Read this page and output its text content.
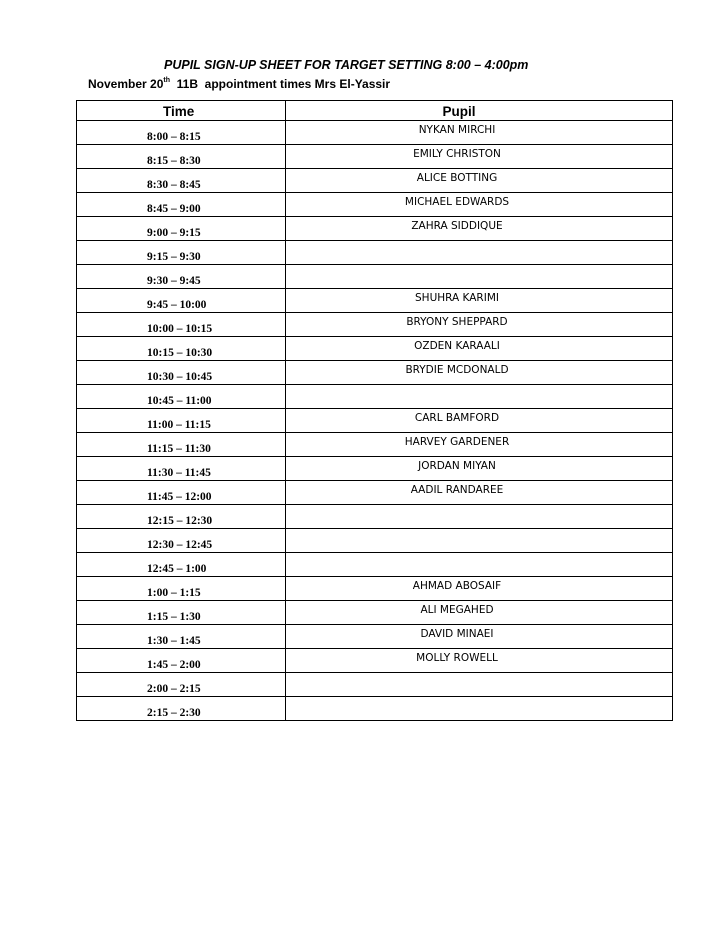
PUPIL SIGN-UP SHEET FOR TARGET SETTING 8:00 – 4:00pm
November 20th  11B  appointment times Mrs El-Yassir
Time	Pupil
8:00 – 8:15	NYKAN MIRCHI
8:15 – 8:30	EMILY CHRISTON
8:30 – 8:45	ALICE BOTTING
8:45 – 9:00	MICHAEL EDWARDS
9:00 – 9:15	ZAHRA SIDDIQUE
9:15 – 9:30	
9:30 – 9:45	
9:45 – 10:00	SHUHRA KARIMI
10:00 – 10:15	BRYONY SHEPPARD
10:15 – 10:30	OZDEN KARAALI
10:30 – 10:45	BRYDIE MCDONALD
10:45 – 11:00	
11:00 – 11:15	CARL BAMFORD
11:15 – 11:30	HARVEY GARDENER
11:30 – 11:45	JORDAN MIYAN
11:45 – 12:00	AADIL RANDAREE
12:15 – 12:30	
12:30 – 12:45	
12:45 – 1:00	
1:00 – 1:15	AHMAD ABOSAIF
1:15 – 1:30	ALI MEGAHED
1:30 – 1:45	DAVID MINAEI
1:45 – 2:00	MOLLY ROWELL
2:00 – 2:15	
2:15 – 2:30	
